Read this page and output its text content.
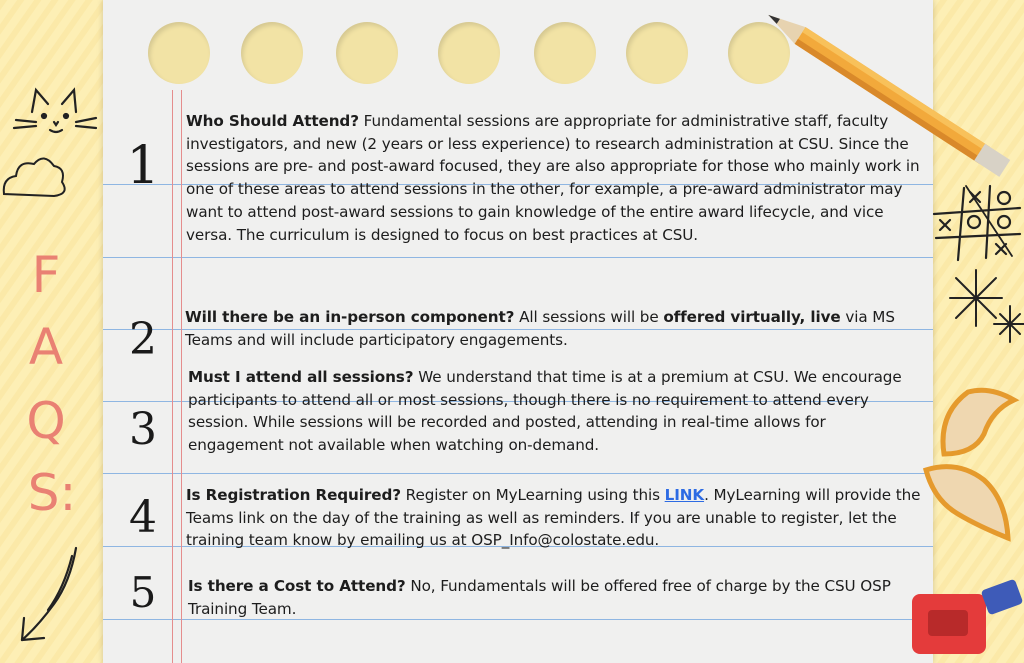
F
A
Q
S:
1
2
3
4
5
Who Should Attend? Fundamental sessions are appropriate for administrative staff, faculty investigators, and new (2 years or less experience) to research administration at CSU. Since the sessions are pre- and post-award focused, they are also appropriate for those who mainly work in one of these areas to attend sessions in the other, for example, a pre-award administrator may want to attend post-award sessions to gain knowledge of the entire award lifecycle, and vice versa. The curriculum is designed to focus on best practices at CSU.
Will there be an in-person component? All sessions will be offered virtually, live via MS Teams and will include participatory engagements.
Must I attend all sessions? We understand that time is at a premium at CSU. We encourage participants to attend all or most sessions, though there is no requirement to attend every session. While sessions will be recorded and posted, attending in real-time allows for engagement not available when watching on-demand.
Is Registration Required? Register on MyLearning using this LINK. MyLearning will provide the Teams link on the day of the training as well as reminders. If you are unable to register, let the training team know by emailing us at OSP_Info@colostate.edu.
Is there a Cost to Attend? No, Fundamentals will be offered free of charge by the CSU OSP Training Team.
